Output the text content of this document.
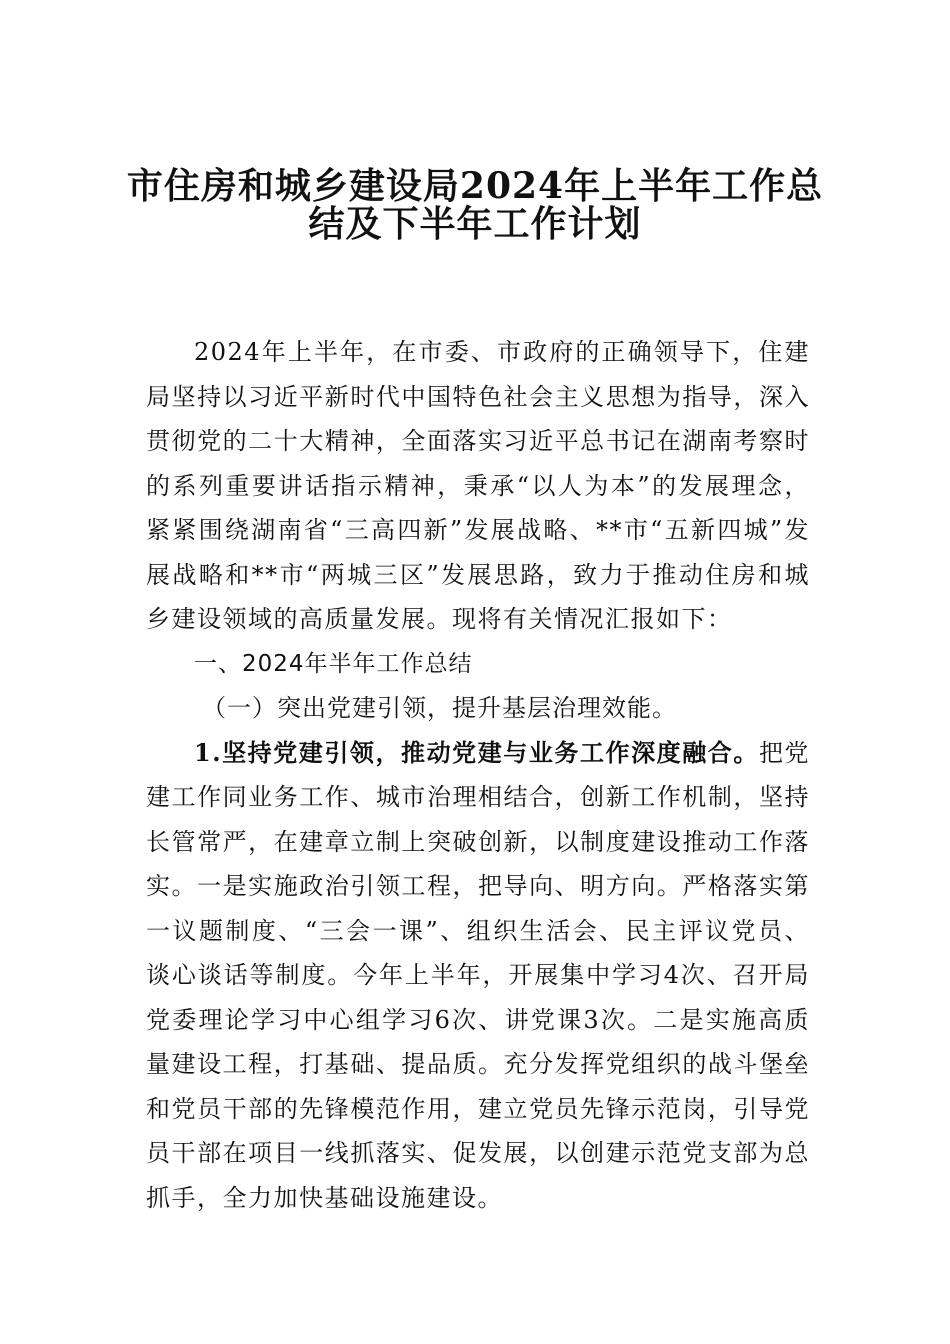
市住房和城乡建设局2024年上半年工作总
结及下半年工作计划

2024年上半年，在市委、市政府的正确领导下，住建局坚持以习近平新时代中国特色社会主义思想为指导，深入贯彻党的二十大精神，全面落实习近平总书记在湖南考察时的系列重要讲话指示精神，秉承“以人为本”的发展理念，紧紧围绕湖南省“三高四新”发展战略、**市“五新四城”发展战略和**市“两城三区”发展思路，致力于推动住房和城乡建设领域的高质量发展。现将有关情况汇报如下：

一、2024年半年工作总结

（一）突出党建引领，提升基层治理效能。

1.坚持党建引领，推动党建与业务工作深度融合。把党建工作同业务工作、城市治理相结合，创新工作机制，坚持长管常严，在建章立制上突破创新，以制度建设推动工作落实。一是实施政治引领工程，把导向、明方向。严格落实第一议题制度、“三会一课”、组织生活会、民主评议党员、谈心谈话等制度。今年上半年，开展集中学习4次、召开局党委理论学习中心组学习6次、讲党课3次。二是实施高质量建设工程，打基础、提品质。充分发挥党组织的战斗堡垒和党员干部的先锋模范作用，建立党员先锋示范岗，引导党员干部在项目一线抓落实、促发展，以创建示范党支部为总抓手，全力加快基础设施建设。
